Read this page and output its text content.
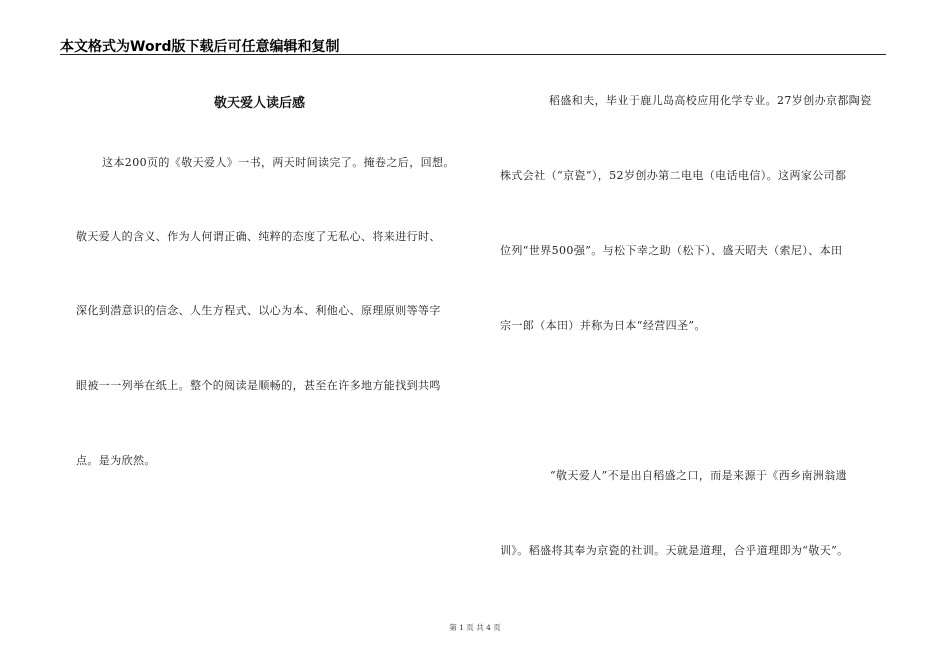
本文格式为Word版下载后可任意编辑和复制
敬天爱人读后感
这本200页的《敬天爱人》一书，两天时间读完了。掩卷之后，回想。
敬天爱人的含义、作为人何谓正确、纯粹的态度了无私心、将来进行时、
深化到潜意识的信念、人生方程式、以心为本、利他心、原理原则等等字
眼被一一列举在纸上。整个的阅读是顺畅的，甚至在许多地方能找到共鸣
点。是为欣然。
稻盛和夫，毕业于鹿儿岛高校应用化学专业。27岁创办京都陶瓷
株式会社（“京瓷”），52岁创办第二电电（电话电信）。这两家公司都
位列“世界500强”。与松下幸之助（松下）、盛天昭夫（索尼）、本田
宗一郎（本田）并称为日本“经营四圣”。
“敬天爱人”不是出自稻盛之口，而是来源于《西乡南洲翁遗
训》。稻盛将其奉为京瓷的社训。天就是道理，合乎道理即为“敬天”。
第 1 页 共 4 页
